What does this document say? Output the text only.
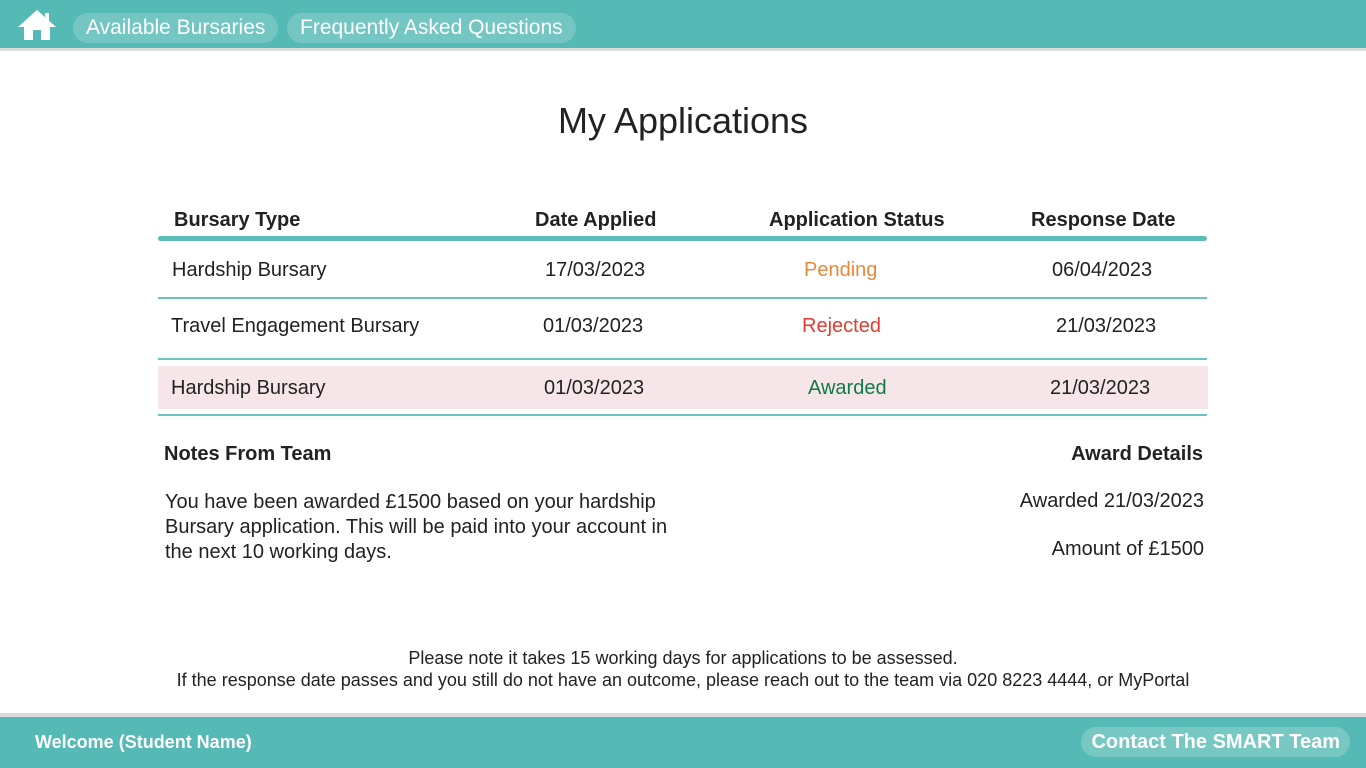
Available Bursaries	Frequently Asked Questions
My Applications
Bursary Type	Date Applied	Application Status	Response Date
Hardship Bursary	17/03/2023	Pending	06/04/2023
Travel Engagement Bursary	01/03/2023	Rejected	21/03/2023
Hardship Bursary	01/03/2023	Awarded	21/03/2023
Notes From Team
You have been awarded £1500 based on your hardship Bursary application. This will be paid into your account in the next 10 working days.
Award Details
Awarded 21/03/2023
Amount of £1500
Please note it takes 15 working days for applications to be assessed.
If the response date passes and you still do not have an outcome, please reach out to the team via 020 8223 4444, or MyPortal
Welcome (Student Name)	Contact The SMART Team
